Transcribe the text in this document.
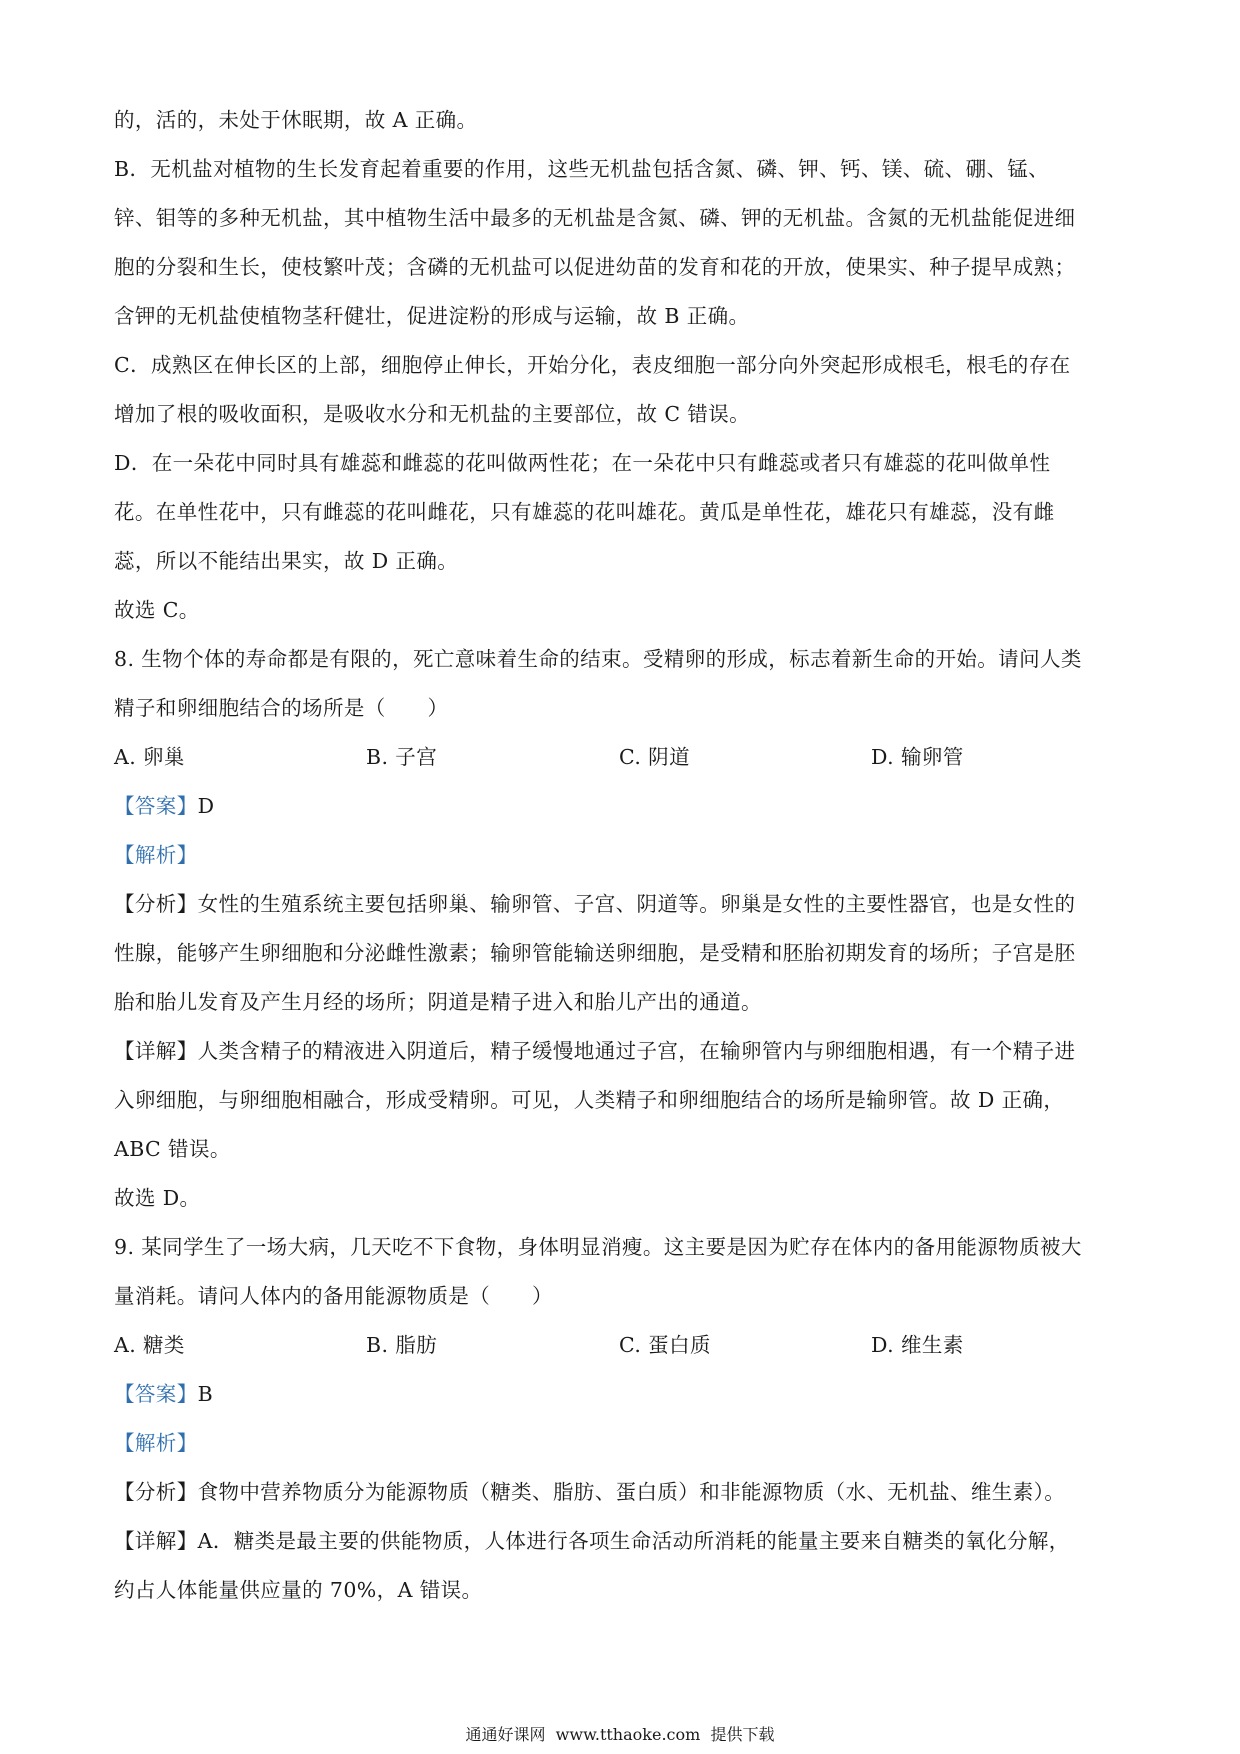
的，活的，未处于休眠期，故 A 正确。
B．无机盐对植物的生长发育起着重要的作用，这些无机盐包括含氮、磷、钾、钙、镁、硫、硼、锰、
锌、钼等的多种无机盐，其中植物生活中最多的无机盐是含氮、磷、钾的无机盐。含氮的无机盐能促进细
胞的分裂和生长，使枝繁叶茂；含磷的无机盐可以促进幼苗的发育和花的开放，使果实、种子提早成熟；
含钾的无机盐使植物茎秆健壮，促进淀粉的形成与运输，故 B 正确。
C．成熟区在伸长区的上部，细胞停止伸长，开始分化，表皮细胞一部分向外突起形成根毛，根毛的存在
增加了根的吸收面积，是吸收水分和无机盐的主要部位，故 C 错误。
D．在一朵花中同时具有雄蕊和雌蕊的花叫做两性花；在一朵花中只有雌蕊或者只有雄蕊的花叫做单性
花。在单性花中，只有雌蕊的花叫雌花，只有雄蕊的花叫雄花。黄瓜是单性花，雄花只有雄蕊，没有雌
蕊，所以不能结出果实，故 D 正确。
故选 C。
8. 生物个体的寿命都是有限的，死亡意味着生命的结束。受精卵的形成，标志着新生命的开始。请问人类
精子和卵细胞结合的场所是（　　）
A. 卵巢	B. 子宫	C. 阴道	D. 输卵管
【答案】D
【解析】
【分析】女性的生殖系统主要包括卵巢、输卵管、子宫、阴道等。卵巢是女性的主要性器官，也是女性的
性腺，能够产生卵细胞和分泌雌性激素；输卵管能输送卵细胞，是受精和胚胎初期发育的场所；子宫是胚
胎和胎儿发育及产生月经的场所；阴道是精子进入和胎儿产出的通道。
【详解】人类含精子的精液进入阴道后，精子缓慢地通过子宫，在输卵管内与卵细胞相遇，有一个精子进
入卵细胞，与卵细胞相融合，形成受精卵。可见，人类精子和卵细胞结合的场所是输卵管。故 D 正确，
ABC 错误。
故选 D。
9. 某同学生了一场大病，几天吃不下食物，身体明显消瘦。这主要是因为贮存在体内的备用能源物质被大
量消耗。请问人体内的备用能源物质是（　　）
A. 糖类	B. 脂肪	C. 蛋白质	D. 维生素
【答案】B
【解析】
【分析】食物中营养物质分为能源物质（糖类、脂肪、蛋白质）和非能源物质（水、无机盐、维生素）。
【详解】A．糖类是最主要的供能物质，人体进行各项生命活动所消耗的能量主要来自糖类的氧化分解，
约占人体能量供应量的 70%，A 错误。
通通好课网  www.tthaoke.com  提供下载
